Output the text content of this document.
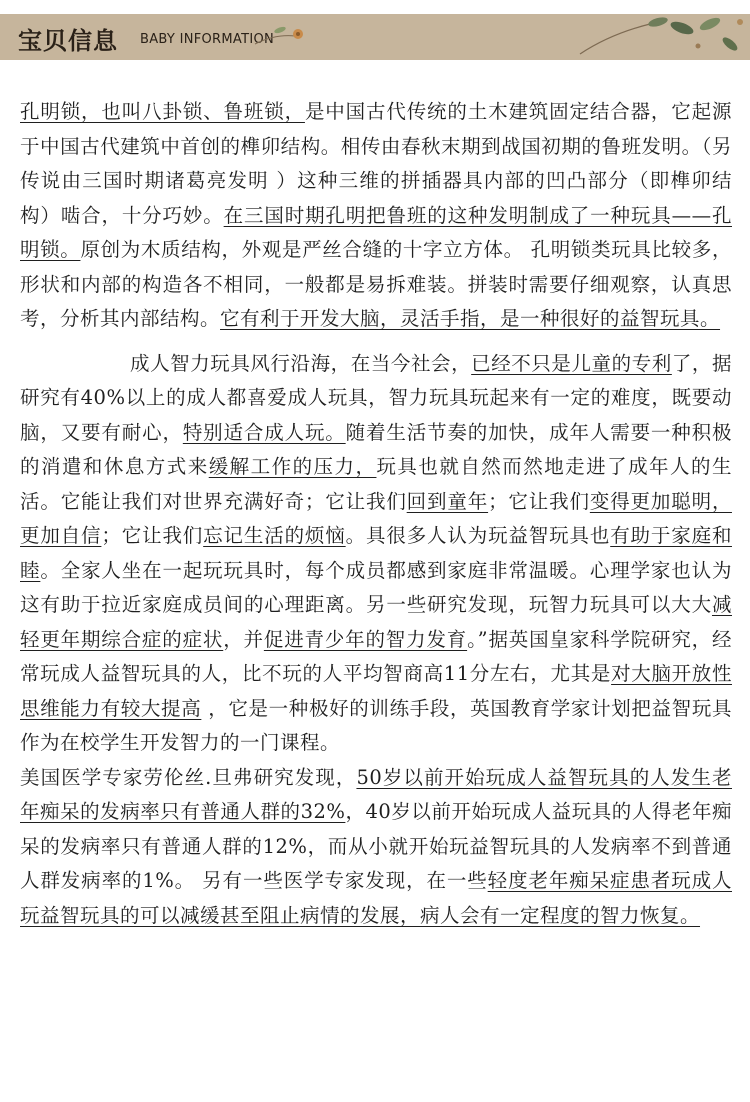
宝贝信息 BABY INFORMATION

孔明锁，也叫八卦锁、鲁班锁，是中国古代传统的土木建筑固定结合器，它起源于中国古代建筑中首创的榫卯结构。相传由春秋末期到战国初期的鲁班发明。（另传说由三国时期诸葛亮发明 ）这种三维的拼插器具内部的凹凸部分（即榫卯结构）啮合，十分巧妙。在三国时期孔明把鲁班的这种发明制成了一种玩具——孔明锁。原创为木质结构，外观是严丝合缝的十字立方体。 孔明锁类玩具比较多，形状和内部的构造各不相同，一般都是易拆难装。拼装时需要仔细观察，认真思考，分析其内部结构。它有利于开发大脑，灵活手指，是一种很好的益智玩具。

成人智力玩具风行沿海，在当今社会，已经不只是儿童的专利了，据研究有40%以上的成人都喜爱成人玩具，智力玩具玩起来有一定的难度，既要动脑，又要有耐心，特别适合成人玩。随着生活节奏的加快，成年人需要一种积极的消遣和休息方式来缓解工作的压力，玩具也就自然而然地走进了成年人的生活。它能让我们对世界充满好奇；它让我们回到童年；它让我们变得更加聪明，更加自信；它让我们忘记生活的烦恼。具很多人认为玩益智玩具也有助于家庭和睦。全家人坐在一起玩玩具时，每个成员都感到家庭非常温暖。心理学家也认为这有助于拉近家庭成员间的心理距离。另一些研究发现，玩智力玩具可以大大减轻更年期综合症的症状，并促进青少年的智力发育。”据英国皇家科学院研究，经常玩成人益智玩具的人，比不玩的人平均智商高11分左右，尤其是对大脑开放性思维能力有较大提高 ，它是一种极好的训练手段，英国教育学家计划把益智玩具作为在校学生开发智力的一门课程。

美国医学专家劳伦丝.旦弗研究发现，50岁以前开始玩成人益智玩具的人发生老年痴呆的发病率只有普通人群的32%，40岁以前开始玩成人益玩具的人得老年痴呆的发病率只有普通人群的12%，而从小就开始玩益智玩具的人发病率不到普通人群发病率的1%。 另有一些医学专家发现，在一些轻度老年痴呆症患者玩成人玩益智玩具的可以减缓甚至阻止病情的发展，病人会有一定程度的智力恢复。
